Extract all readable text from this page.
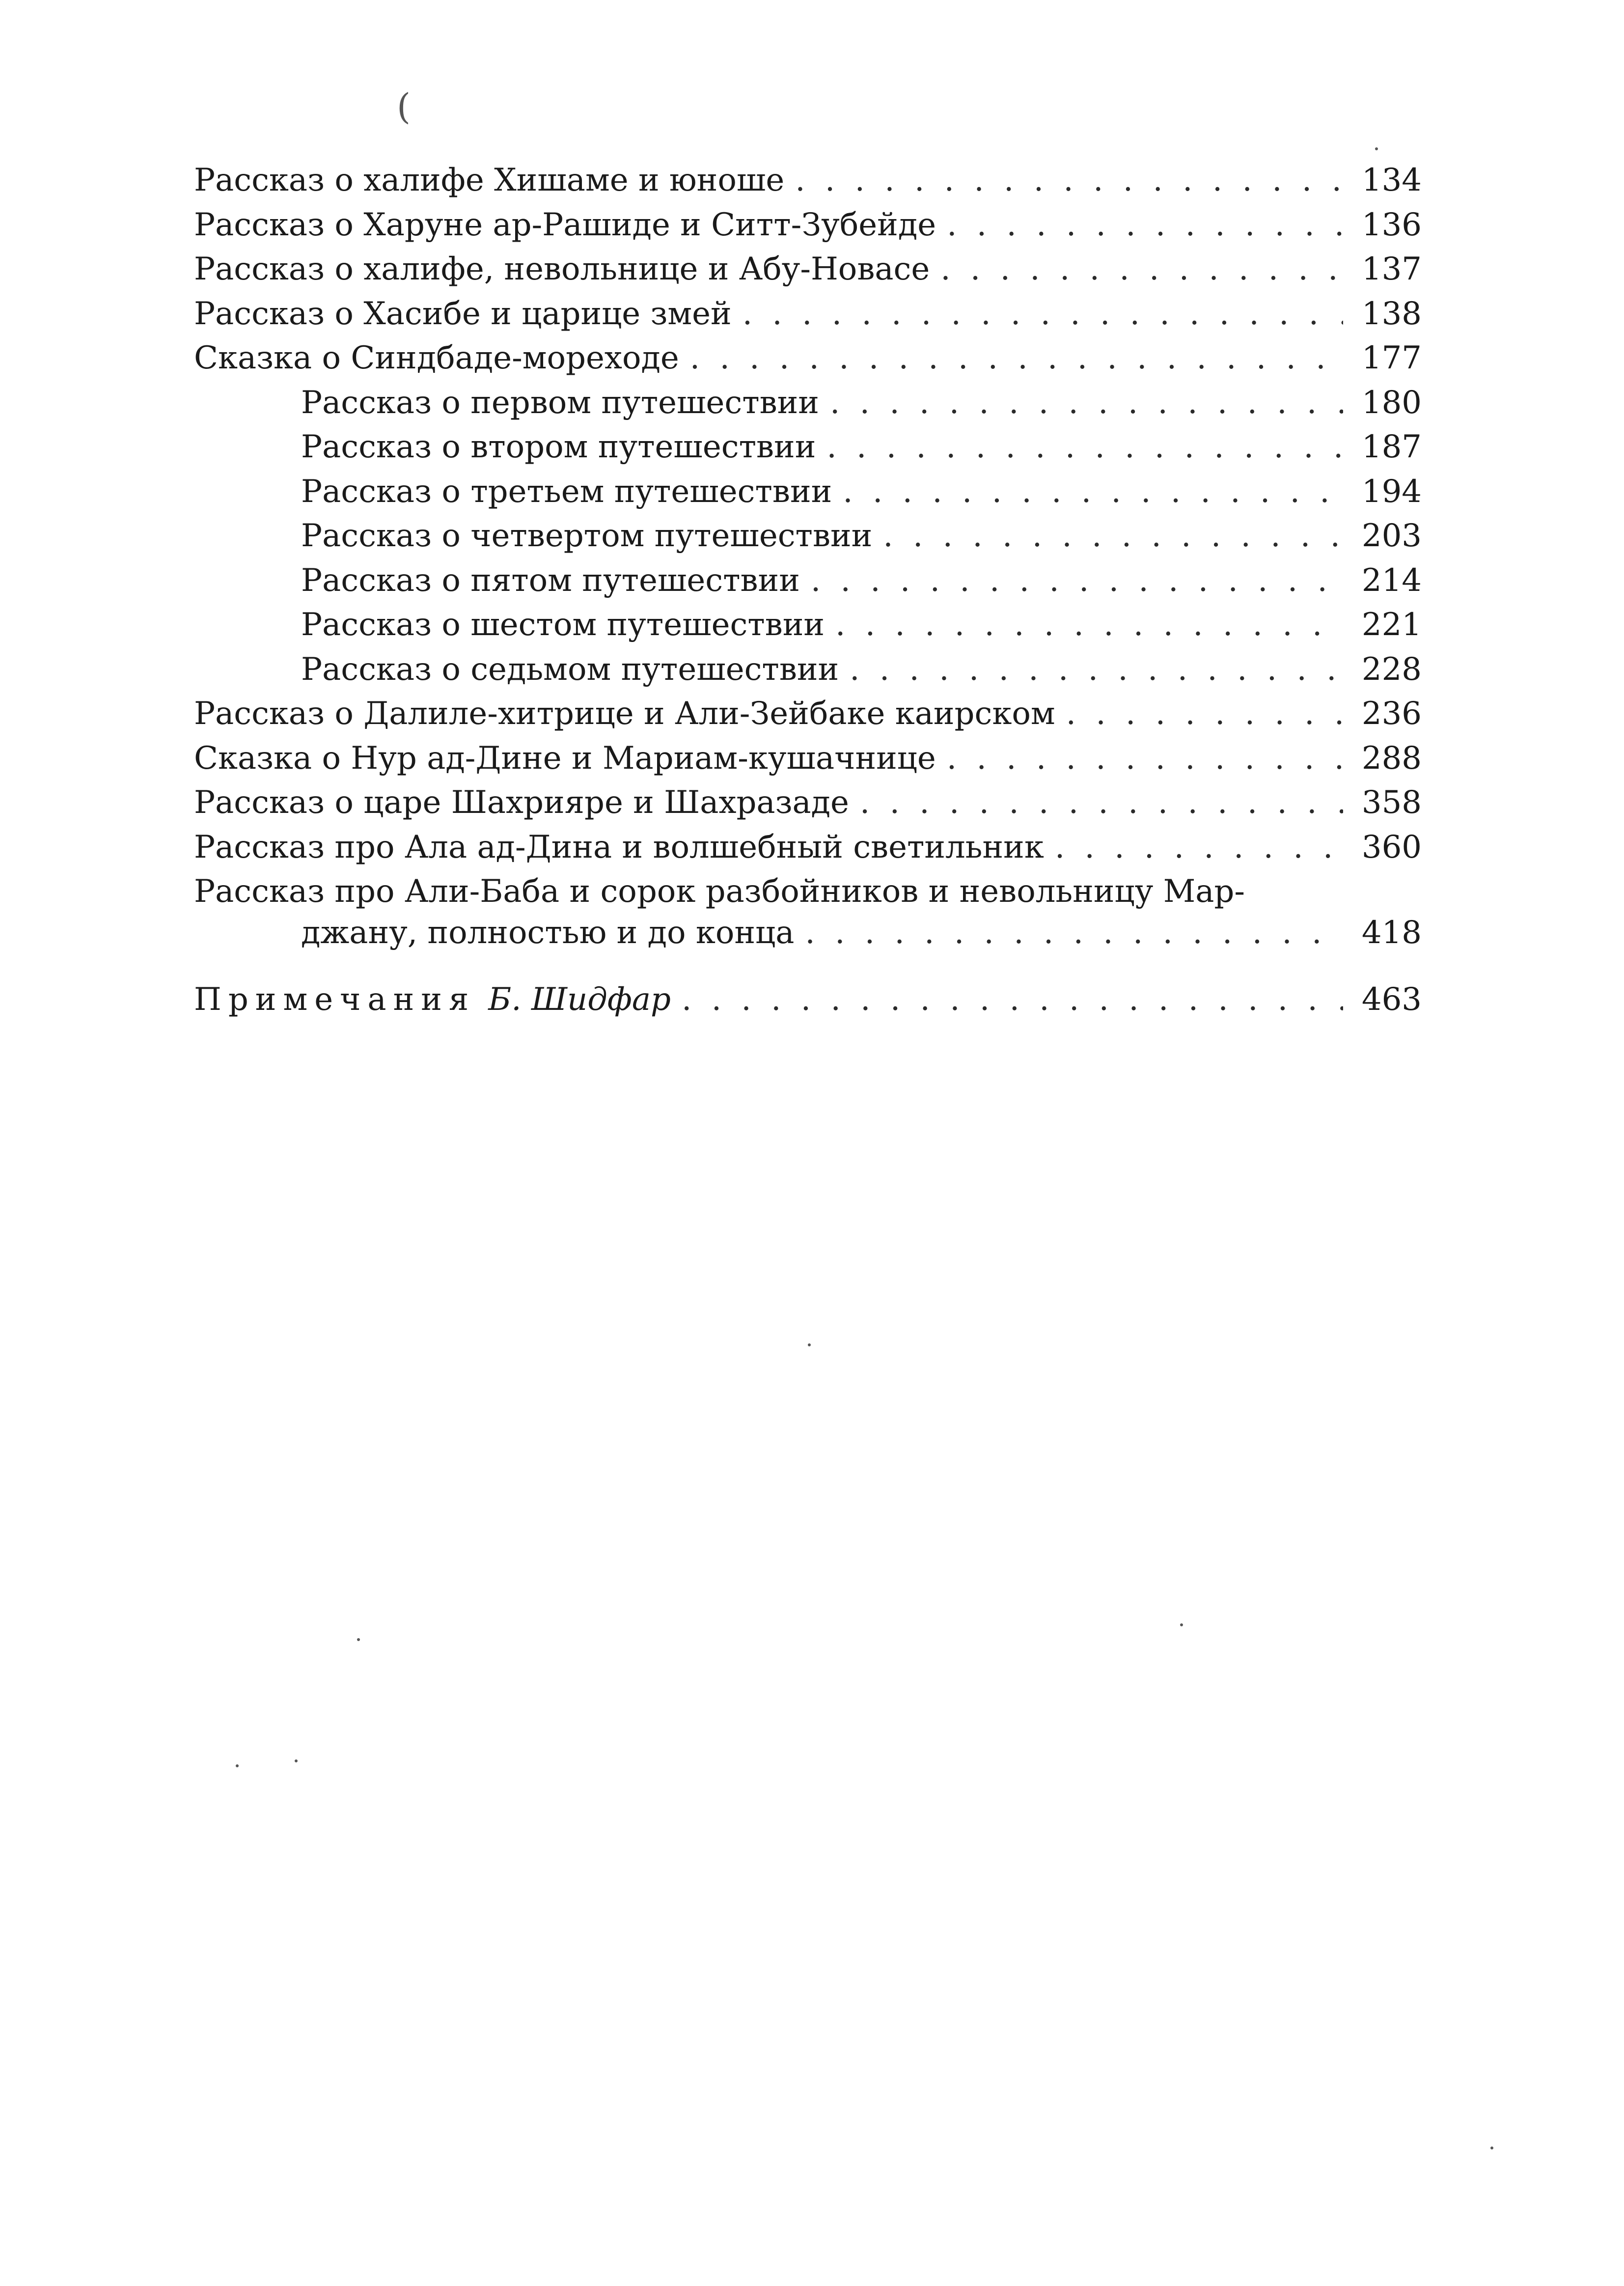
(
Рассказ о халифе Хишаме и юноше . . .	134
Рассказ о Харуне ар-Рашиде и Ситт-Зубейде . . .	136
Рассказ о халифе, невольнице и Абу-Новасе . . .	137
Рассказ о Хасибе и царице змей . . .	138
Сказка о Синдбаде-мореходе . . .	177
Рассказ о первом путешествии . . .	180
Рассказ о втором путешествии . . .	187
Рассказ о третьем путешествии . . .	194
Рассказ о четвертом путешествии . . .	203
Рассказ о пятом путешествии . . .	214
Рассказ о шестом путешествии . . .	221
Рассказ о седьмом путешествии . . .	228
Рассказ о Далиле-хитрице и Али-Зейбаке каирском . . .	236
Сказка о Нур ад-Дине и Мариам-кушачнице . . .	288
Рассказ о царе Шахрияре и Шахразаде . . .	358
Рассказ про Ала ад-Дина и волшебный светильник . . .	360
Рассказ про Али-Баба и сорок разбойников и невольницу Мар-
джану, полностью и до конца . . .	418
Примечания Б. Шидфар . . .	463
